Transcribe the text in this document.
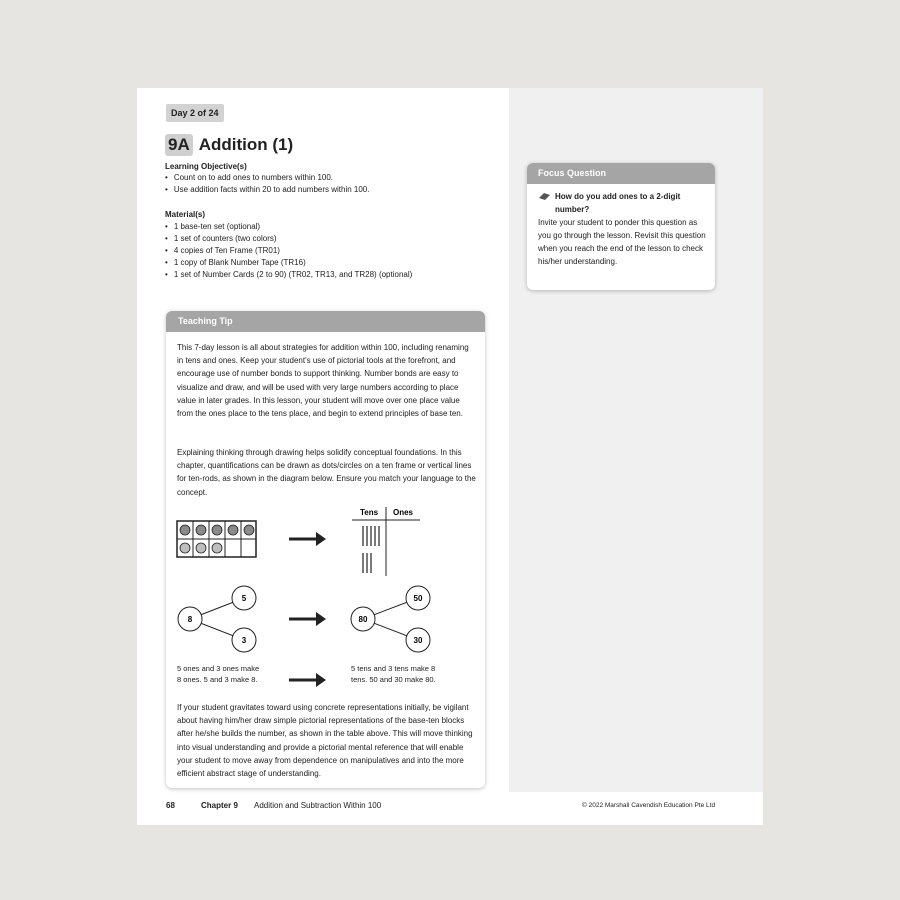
Day 2 of 24
9A Addition (1)
Learning Objective(s)
• Count on to add ones to numbers within 100.
• Use addition facts within 20 to add numbers within 100.
Material(s)
• 1 base-ten set (optional)
• 1 set of counters (two colors)
• 4 copies of Ten Frame (TR01)
• 1 copy of Blank Number Tape (TR16)
• 1 set of Number Cards (2 to 90) (TR02, TR13, and TR28) (optional)
Teaching Tip

This 7-day lesson is all about strategies for addition within 100, including renaming in tens and ones. Keep your student's use of pictorial tools at the forefront, and encourage use of number bonds to support thinking. Number bonds are easy to visualize and draw, and will be used with very large numbers according to place value in later grades. In this lesson, your student will move over one place value from the ones place to the tens place, and begin to extend principles of base ten.

Explaining thinking through drawing helps solidify conceptual foundations. In this chapter, quantifications can be drawn as dots/circles on a ten frame or vertical lines for ten-rods, as shown in the diagram below. Ensure you match your language to the concept.

Tens Ones
8
5
3
80
50
30
5 ones and 3 ones make 8 ones. 5 and 3 make 8.
5 tens and 3 tens make 8 tens. 50 and 30 make 80.

If your student gravitates toward using concrete representations initially, be vigilant about having him/her draw simple pictorial representations of the base-ten blocks after he/she builds the number, as shown in the table above. This will move thinking into visual understanding and provide a pictorial mental reference that will enable your student to move away from dependence on manipulatives and into the more efficient abstract stage of understanding.

Focus Question
How do you add ones to a 2-digit number?
Invite your student to ponder this question as you go through the lesson. Revisit this question when you reach the end of the lesson to check his/her understanding.
68	Chapter 9 Addition and Subtraction Within 100	© 2022 Marshall Cavendish Education Pte Ltd
